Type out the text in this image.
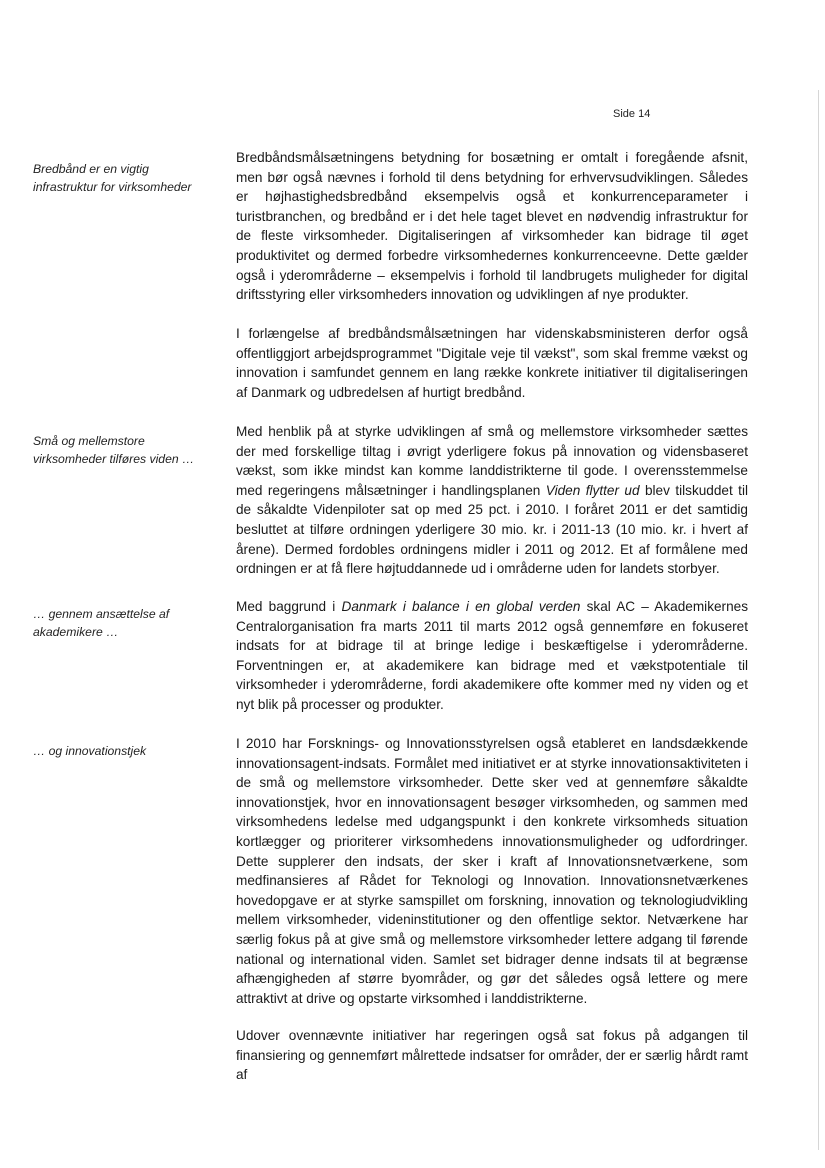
Side 14
Bredbånd er en vigtig infrastruktur for virksomheder
Små og mellemstore virksomheder tilføres viden …
… gennem ansættelse af akademikere …
… og innovationstjek

Bredbåndsmålsætningens betydning for bosætning er omtalt i foregående afsnit, men bør også nævnes i forhold til dens betydning for erhvervsudviklingen. Således er højhastighedsbredbånd eksempelvis også et konkurrenceparameter i turistbranchen, og bredbånd er i det hele taget blevet en nødvendig infrastruktur for de fleste virksomheder. Digitaliseringen af virksomheder kan bidrage til øget produktivitet og dermed forbedre virksomhedernes konkurrenceevne. Dette gælder også i yderområderne – eksempelvis i forhold til landbrugets muligheder for digital driftsstyring eller virksomheders innovation og udviklingen af nye produkter.

I forlængelse af bredbåndsmålsætningen har videnskabsministeren derfor også offentliggjort arbejdsprogrammet "Digitale veje til vækst", som skal fremme vækst og innovation i samfundet gennem en lang række konkrete initiativer til digitaliseringen af Danmark og udbredelsen af hurtigt bredbånd.

Med henblik på at styrke udviklingen af små og mellemstore virksomheder sættes der med forskellige tiltag i øvrigt yderligere fokus på innovation og vidensbaseret vækst, som ikke mindst kan komme landdistrikterne til gode. I overensstemmelse med regeringens målsætninger i handlingsplanen Viden flytter ud blev tilskuddet til de såkaldte Videnpiloter sat op med 25 pct. i 2010. I foråret 2011 er det samtidig besluttet at tilføre ordningen yderligere 30 mio. kr. i 2011-13 (10 mio. kr. i hvert af årene). Dermed fordobles ordningens midler i 2011 og 2012. Et af formålene med ordningen er at få flere højtuddannede ud i områderne uden for landets storbyer.

Med baggrund i Danmark i balance i en global verden skal AC – Akademikernes Centralorganisation fra marts 2011 til marts 2012 også gennemføre en fokuseret indsats for at bidrage til at bringe ledige i beskæftigelse i yderområderne. Forventningen er, at akademikere kan bidrage med et vækstpotentiale til virksomheder i yderområderne, fordi akademikere ofte kommer med ny viden og et nyt blik på processer og produkter.

I 2010 har Forsknings- og Innovationsstyrelsen også etableret en landsdækkende innovationsagent-indsats. Formålet med initiativet er at styrke innovationsaktiviteten i de små og mellemstore virksomheder. Dette sker ved at gennemføre såkaldte innovationstjek, hvor en innovationsagent besøger virksomheden, og sammen med virksomhedens ledelse med udgangspunkt i den konkrete virksomheds situation kortlægger og prioriterer virksomhedens innovationsmuligheder og udfordringer. Dette supplerer den indsats, der sker i kraft af Innovationsnetværkene, som medfinansieres af Rådet for Teknologi og Innovation. Innovationsnetværkenes hovedopgave er at styrke samspillet om forskning, innovation og teknologiudvikling mellem virksomheder, videninstitutioner og den offentlige sektor. Netværkene har særlig fokus på at give små og mellemstore virksomheder lettere adgang til førende national og international viden. Samlet set bidrager denne indsats til at begrænse afhængigheden af større byområder, og gør det således også lettere og mere attraktivt at drive og opstarte virksomhed i landdistrikterne.

Udover ovennævnte initiativer har regeringen også sat fokus på adgangen til finansiering og gennemført målrettede indsatser for områder, der er særlig hårdt ramt af
